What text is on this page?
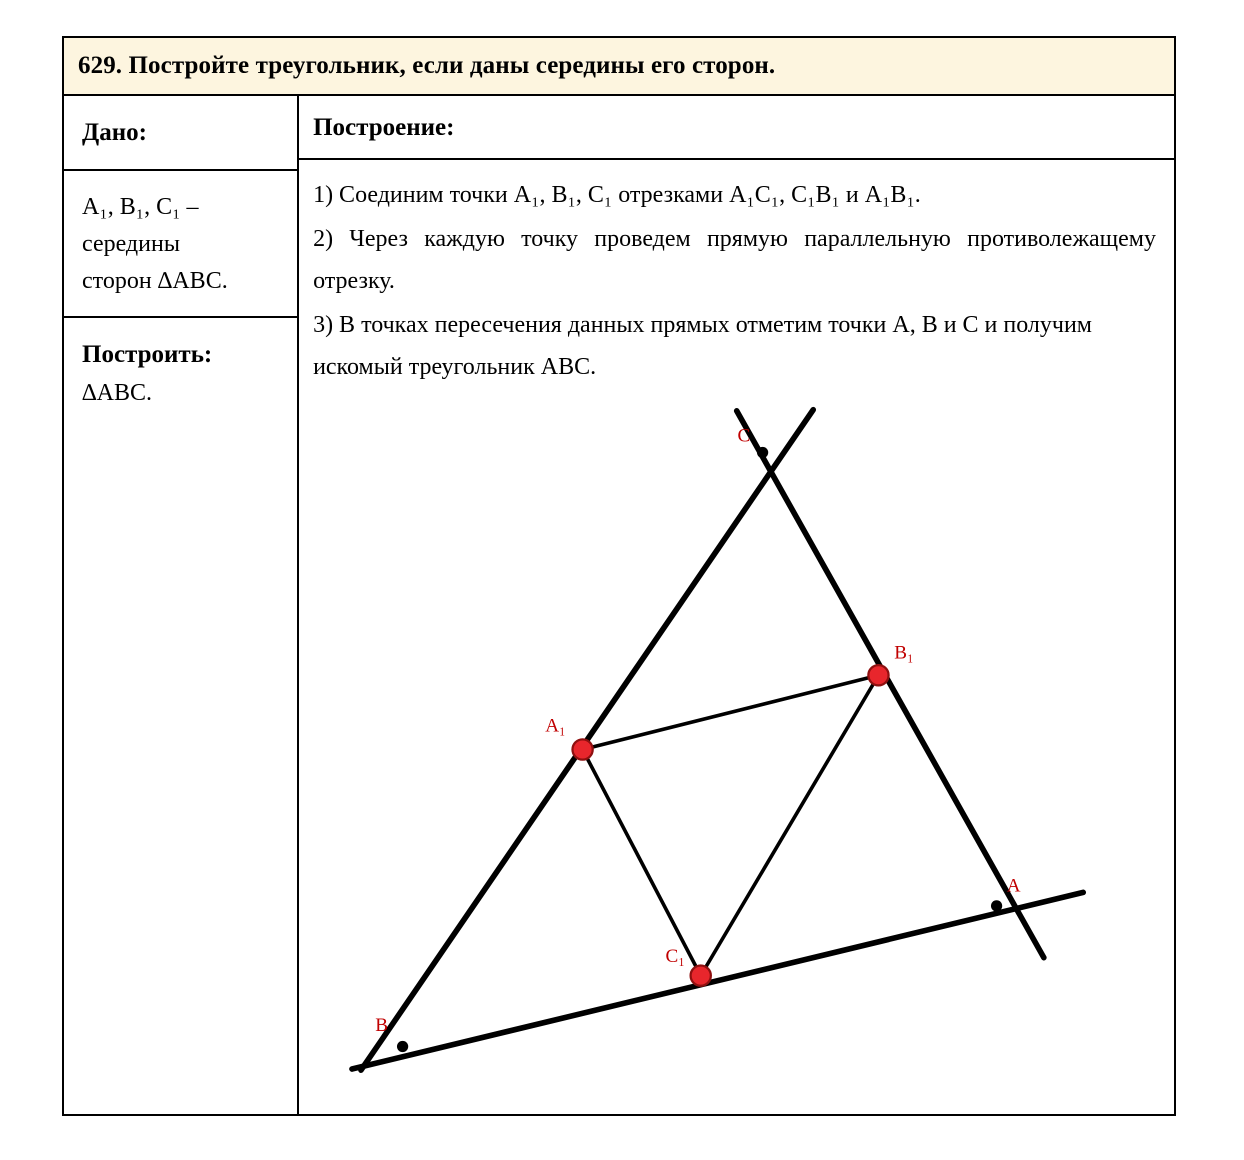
629. Постройте треугольник, если даны середины его сторон.
Дано:
A₁, B₁, C₁ – середины
сторон ∆ABC.
Построить: ∆ABC.
Построение:

1) Соединим точки A₁, B₁, C₁ отрезками A₁C₁, C₁B₁ и A₁B₁.

2) Через каждую точку проведем прямую параллельную противолежащему отрезку.

3) В точках пересечения данных прямых отметим точки A, B и C и получим искомый треугольник ABC.

A₁
B₁
C₁
A
B
C
